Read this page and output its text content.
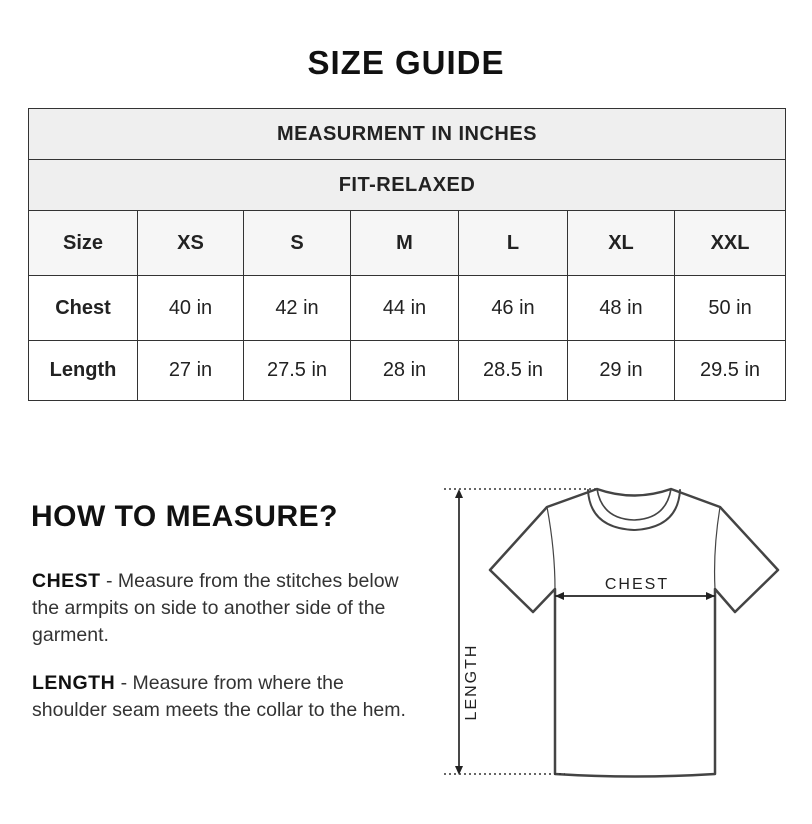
SIZE GUIDE
MEASURMENT IN INCHES						
FIT-RELAXED						
Size	XS	S	M	L	XL	XXL
Chest	40 in	42 in	44 in	46 in	48 in	50 in
Length	27 in	27.5 in	28 in	28.5 in	29 in	29.5 in
HOW TO MEASURE?
CHEST - Measure from the stitches below the armpits on side to another side of the garment.
LENGTH - Measure from where the shoulder seam meets the collar to the hem.
CHEST
LENGTH
